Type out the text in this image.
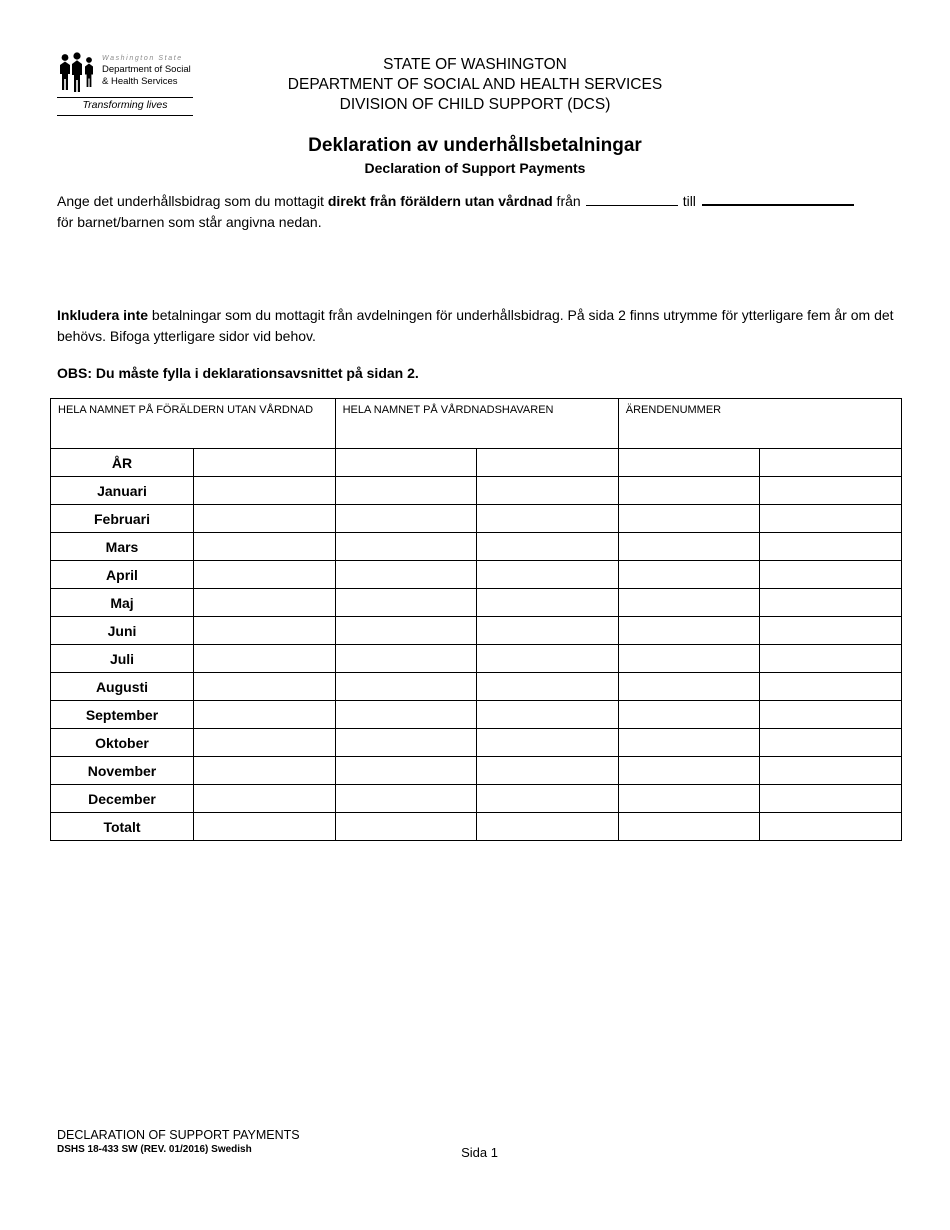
Washington State
Department of Social
& Health Services
Transforming lives
STATE OF WASHINGTON
DEPARTMENT OF SOCIAL AND HEALTH SERVICES
DIVISION OF CHILD SUPPORT (DCS)
Deklaration av underhållsbetalningar
Declaration of Support Payments

Ange det underhållsbidrag som du mottagit direkt från föräldern utan vårdnad från	till
för barnet/barnen som står angivna nedan.

Inkludera inte betalningar som du mottagit från avdelningen för underhållsbidrag. På sida 2 finns utrymme för ytterligare fem år om det behövs. Bifoga ytterligare sidor vid behov.

OBS: Du måste fylla i deklarationsavsnittet på sidan 2.

HELA NAMNET PÅ FÖRÄLDERN UTAN VÅRDNAD		HELA NAMNET PÅ VÅRDNADSHAVAREN		ÄRENDENUMMER	
ÅR					
Januari					
Februari					
Mars					
April					
Maj					
Juni					
Juli					
Augusti					
September					
Oktober					
November					
December					
Totalt					
DECLARATION OF SUPPORT PAYMENTS
DSHS 18-433 SW (REV. 01/2016) Swedish	Sida 1
